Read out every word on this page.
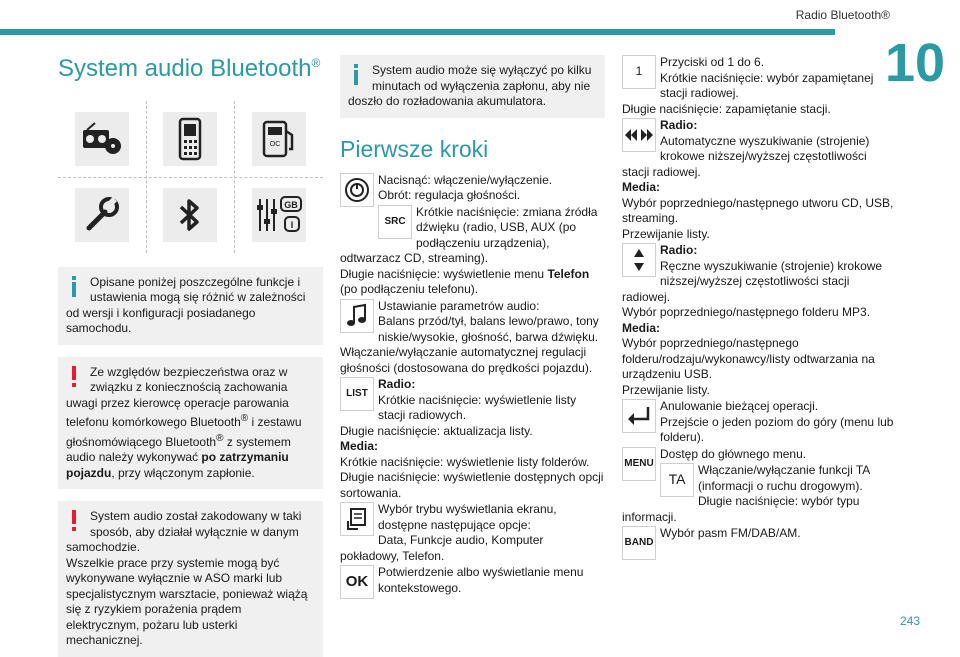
Radio Bluetooth®
10
243
System audio Bluetooth®
OC
GB
I
Opisane poniżej poszczególne funkcje i ustawienia mogą się różnić w zależności od wersji i konfiguracji posiadanego samochodu.
Ze względów bezpieczeństwa oraz w związku z koniecznością zachowania uwagi przez kierowcę operacje parowania telefonu komórkowego Bluetooth® i zestawu głośnomówiącego Bluetooth® z systemem audio należy wykonywać po zatrzymaniu pojazdu, przy włączonym zapłonie.
System audio został zakodowany w taki sposób, aby działał wyłącznie w danym samochodzie.
Wszelkie prace przy systemie mogą być wykonywane wyłącznie w ASO marki lub specjalistycznym warsztacie, ponieważ wiążą się z ryzykiem porażenia prądem elektrycznym, pożaru lub usterki mechanicznej.
System audio może się wyłączyć po kilku minutach od wyłączenia zapłonu, aby nie doszło do rozładowania akumulatora.
Pierwsze kroki
Nacisnąć: włączenie/wyłączenie.
Obrót: regulacja głośności.
SRC
Krótkie naciśnięcie: zmiana źródła dźwięku (radio, USB, AUX (po podłączeniu urządzenia), odtwarzacz CD, streaming).
Długie naciśnięcie: wyświetlenie menu Telefon (po podłączeniu telefonu).
Ustawianie parametrów audio:
Balans przód/tył, balans lewo/prawo, tony niskie/wysokie, głośność, barwa dźwięku.
Włączanie/wyłączanie automatycznej regulacji głośności (dostosowana do prędkości pojazdu).
LIST
Radio:
Krótkie naciśnięcie: wyświetlenie listy stacji radiowych.
Długie naciśnięcie: aktualizacja listy.
Media:
Krótkie naciśnięcie: wyświetlenie listy folderów.
Długie naciśnięcie: wyświetlenie dostępnych opcji sortowania.
Wybór trybu wyświetlania ekranu, dostępne następujące opcje:
Data, Funkcje audio, Komputer pokładowy, Telefon.
OK
Potwierdzenie albo wyświetlanie menu kontekstowego.
1
Przyciski od 1 do 6.
Krótkie naciśnięcie: wybór zapamiętanej stacji radiowej.
Długie naciśnięcie: zapamiętanie stacji.
Radio:
Automatyczne wyszukiwanie (strojenie) krokowe niższej/wyższej częstotliwości stacji radiowej.
Media:
Wybór poprzedniego/następnego utworu CD, USB, streaming.
Przewijanie listy.
Radio:
Ręczne wyszukiwanie (strojenie) krokowe niższej/wyższej częstotliwości stacji radiowej.
Wybór poprzedniego/następnego folderu MP3.
Media:
Wybór poprzedniego/następnego folderu/rodzaju/wykonawcy/listy odtwarzania na urządzeniu USB.
Przewijanie listy.
Anulowanie bieżącej operacji.
Przejście o jeden poziom do góry (menu lub folderu).
MENU
Dostęp do głównego menu.
TA
Włączanie/wyłączanie funkcji TA (informacji o ruchu drogowym).
Długie naciśnięcie: wybór typu informacji.
BAND
Wybór pasm FM/DAB/AM.
